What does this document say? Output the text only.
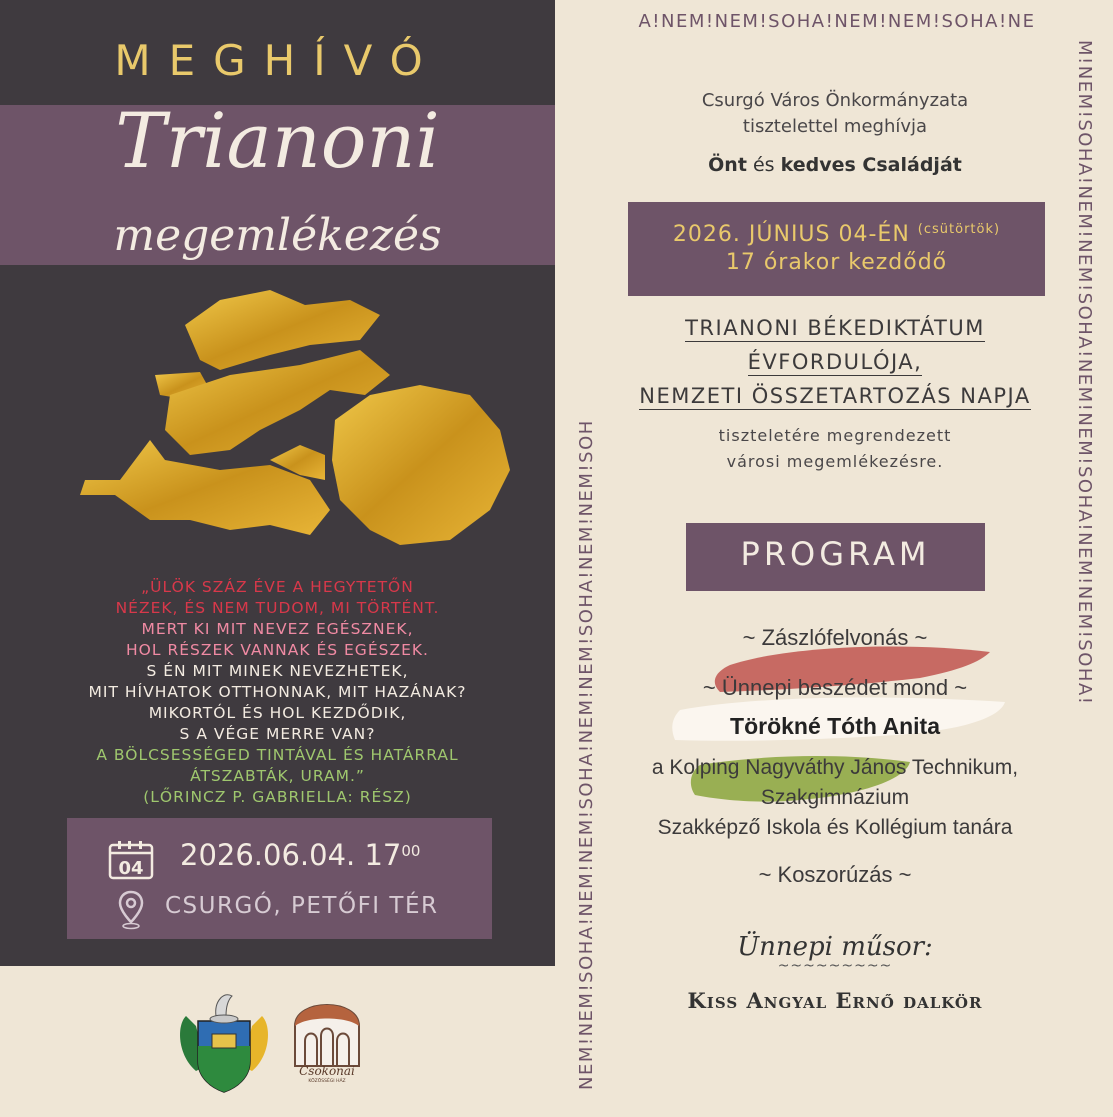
MEGHÍVÓ
Trianoni
megemlékezés
„ÜLÖK SZÁZ ÉVE A HEGYTETŐN
NÉZEK, ÉS NEM TUDOM, MI TÖRTÉNT.
MERT KI MIT NEVEZ EGÉSZNEK,
HOL RÉSZEK VANNAK ÉS EGÉSZEK.
S ÉN MIT MINEK NEVEZHETEK,
MIT HÍVHATOK OTTHONNAK, MIT HAZÁNAK?
MIKORTÓL ÉS HOL KEZDŐDIK,
S A VÉGE MERRE VAN?
A BÖLCSESSÉGED TINTÁVAL ÉS HATÁRRAL
ÁTSZABTÁK, URAM.”
(LŐRINCZ P. GABRIELLA: RÉSZ)
04 2026.06.04. $17^{00}$
CSURGÓ, PETŐFI TÉR
Csokonai
KÖZÖSSÉGI HÁZ
A!NEM!NEM!SOHA!NEM!NEM!SOHA!NE
NEM!NEM!SOHA!NEM!NEM!SOHA!NEM!NEM!SOHA!NEM!NEM!SOH
M!NEM!SOHA!NEM!NEM!SOHA!NEM!NEM!SOHA!NEM!NEM!SOHA!
Csurgó Város Önkormányzata
tisztelettel meghívja
Önt és kedves Családját
2026. JÚNIUS 04-ÉN $^{(csütörtök)}$
17 órakor kezdődő
TRIANONI BÉKEDIKTÁTUM
ÉVFORDULÓJA,
NEMZETI ÖSSZETARTOZÁS NAPJA
tiszteletére megrendezett
városi megemlékezésre.
PROGRAM
~ Zászlófelvonás ~
~ Ünnepi beszédet mond ~
Törökné Tóth Anita
a Kolping Nagyváthy János Technikum,
Szakgimnázium
Szakképző Iskola és Kollégium tanára
~ Koszorúzás ~
Ünnepi műsor:
~~~~~~~~~
Kiss Angyal Ernő dalkör
